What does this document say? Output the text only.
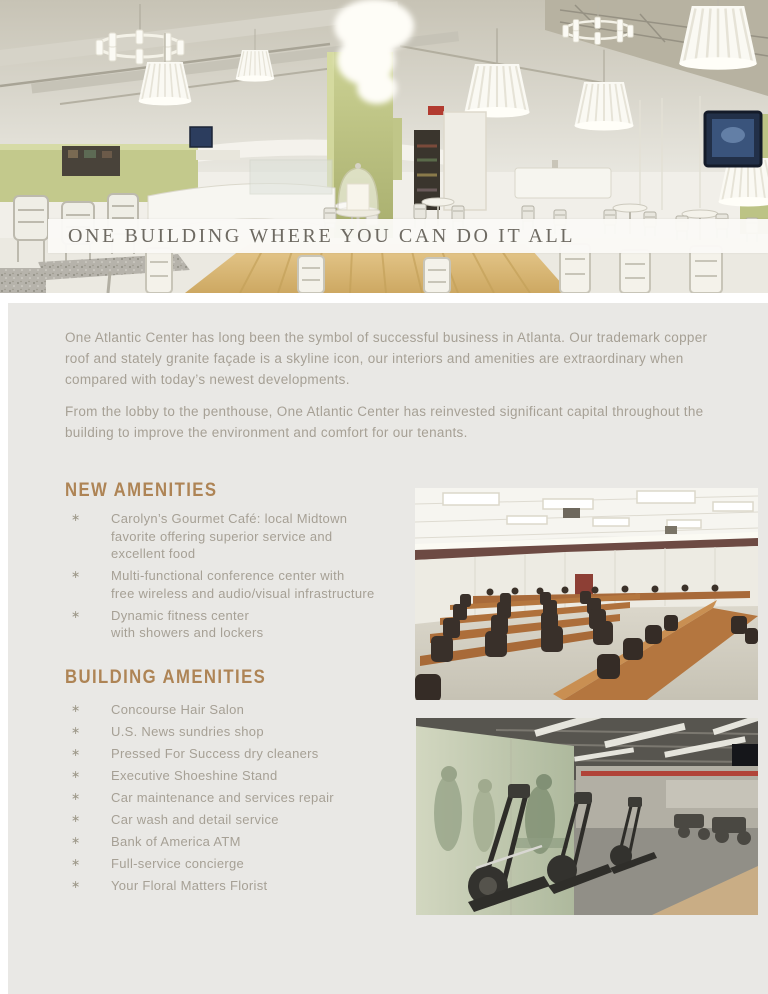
ONE BUILDING WHERE YOU CAN DO IT ALL

One Atlantic Center has long been the symbol of successful business in Atlanta. Our trademark copper roof and stately granite façade is a skyline icon, our interiors and amenities are extraordinary when compared with today’s newest developments.

From the lobby to the penthouse, One Atlantic Center has reinvested significant capital throughout the building to improve the environment and comfort for our tenants.

NEW AMENITIES
∗	Carolyn’s Gourmet Café: local Midtown
favorite offering superior service and
excellent food
∗	Multi-functional conference center with
free wireless and audio/visual infrastructure
∗	Dynamic fitness center
with showers and lockers
BUILDING AMENITIES
∗	Concourse Hair Salon
∗	U.S. News sundries shop
∗	Pressed For Success dry cleaners
∗	Executive Shoeshine Stand
∗	Car maintenance and services repair
∗	Car wash and detail service
∗	Bank of America ATM
∗	Full-service concierge
∗	Your Floral Matters Florist
